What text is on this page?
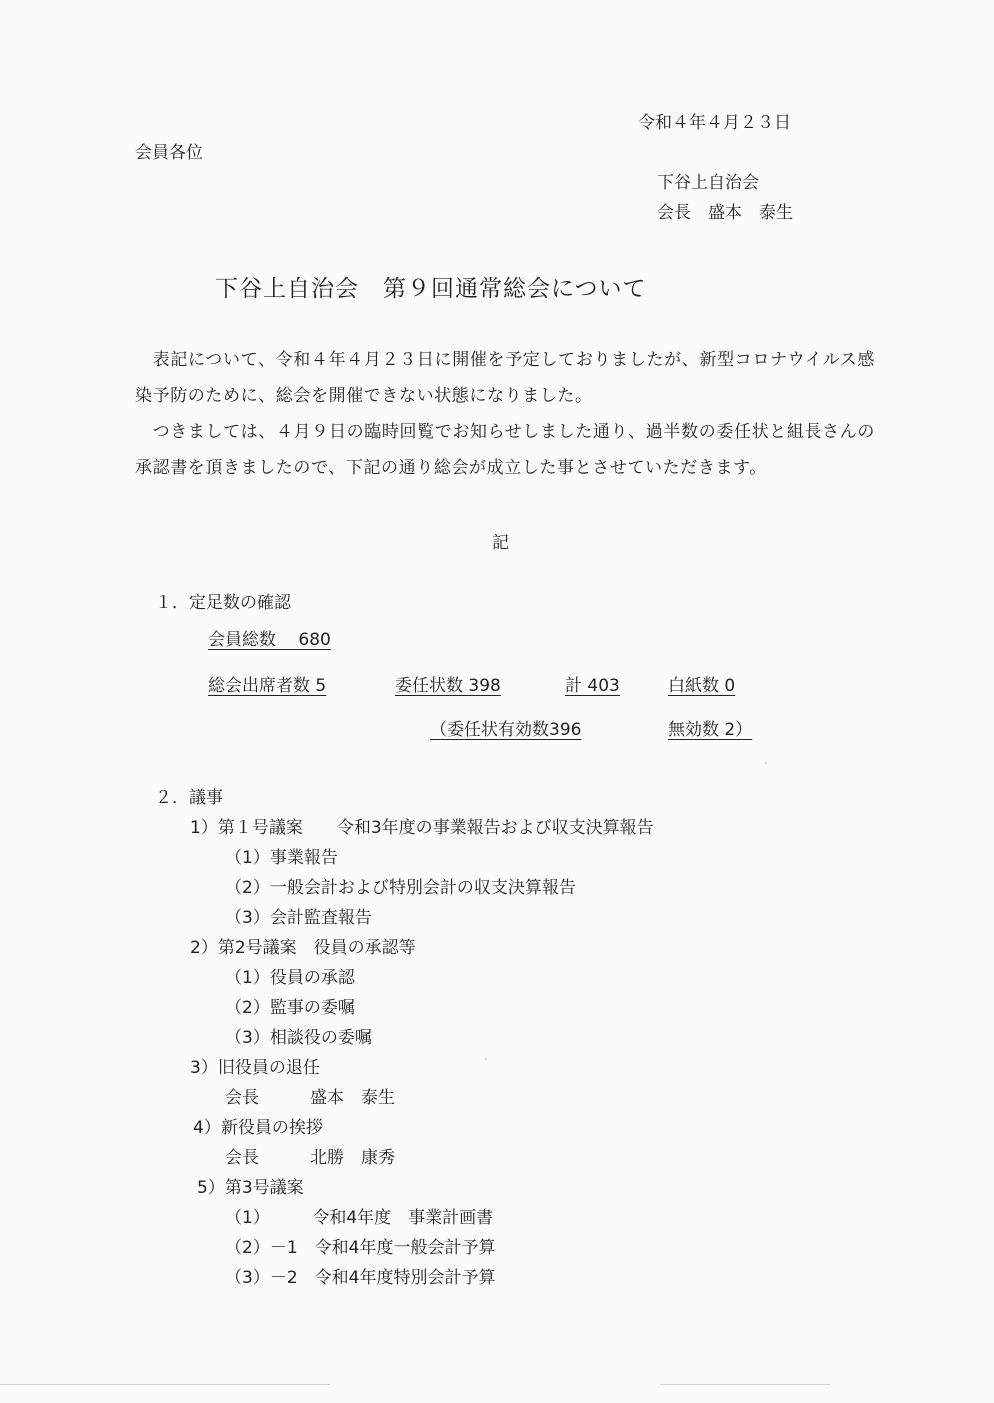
令和４年４月２３日
会員各位
下谷上自治会
会長　盛本　泰生
下谷上自治会　第９回通常総会について
　表記について、令和４年４月２３日に開催を予定しておりましたが、新型コロナウイルス感染予防のために、総会を開催できない状態になりました。
　つきましては、４月９日の臨時回覧でお知らせしました通り、過半数の委任状と組長さんの承認書を頂きましたので、下記の通り総会が成立した事とさせていただきます。
記
１．定足数の確認
会員総数　 680
総会出席者数 5	委任状数 398	計 403	白紙数 0
（委任状有効数396	無効数 2）
２．議事
1）第１号議案　　令和3年度の事業報告および収支決算報告
（1）事業報告
（2）一般会計および特別会計の収支決算報告
（3）会計監査報告
2）第2号議案　役員の承認等
（1）役員の承認
（2）監事の委嘱
（3）相談役の委嘱
3）旧役員の退任
会長　　　盛本　泰生
4）新役員の挨拶
会長　　　北勝　康秀
5）第3号議案
（1）　　　令和4年度　事業計画書
（2）－1　令和4年度一般会計予算
（3）－2　令和4年度特別会計予算
